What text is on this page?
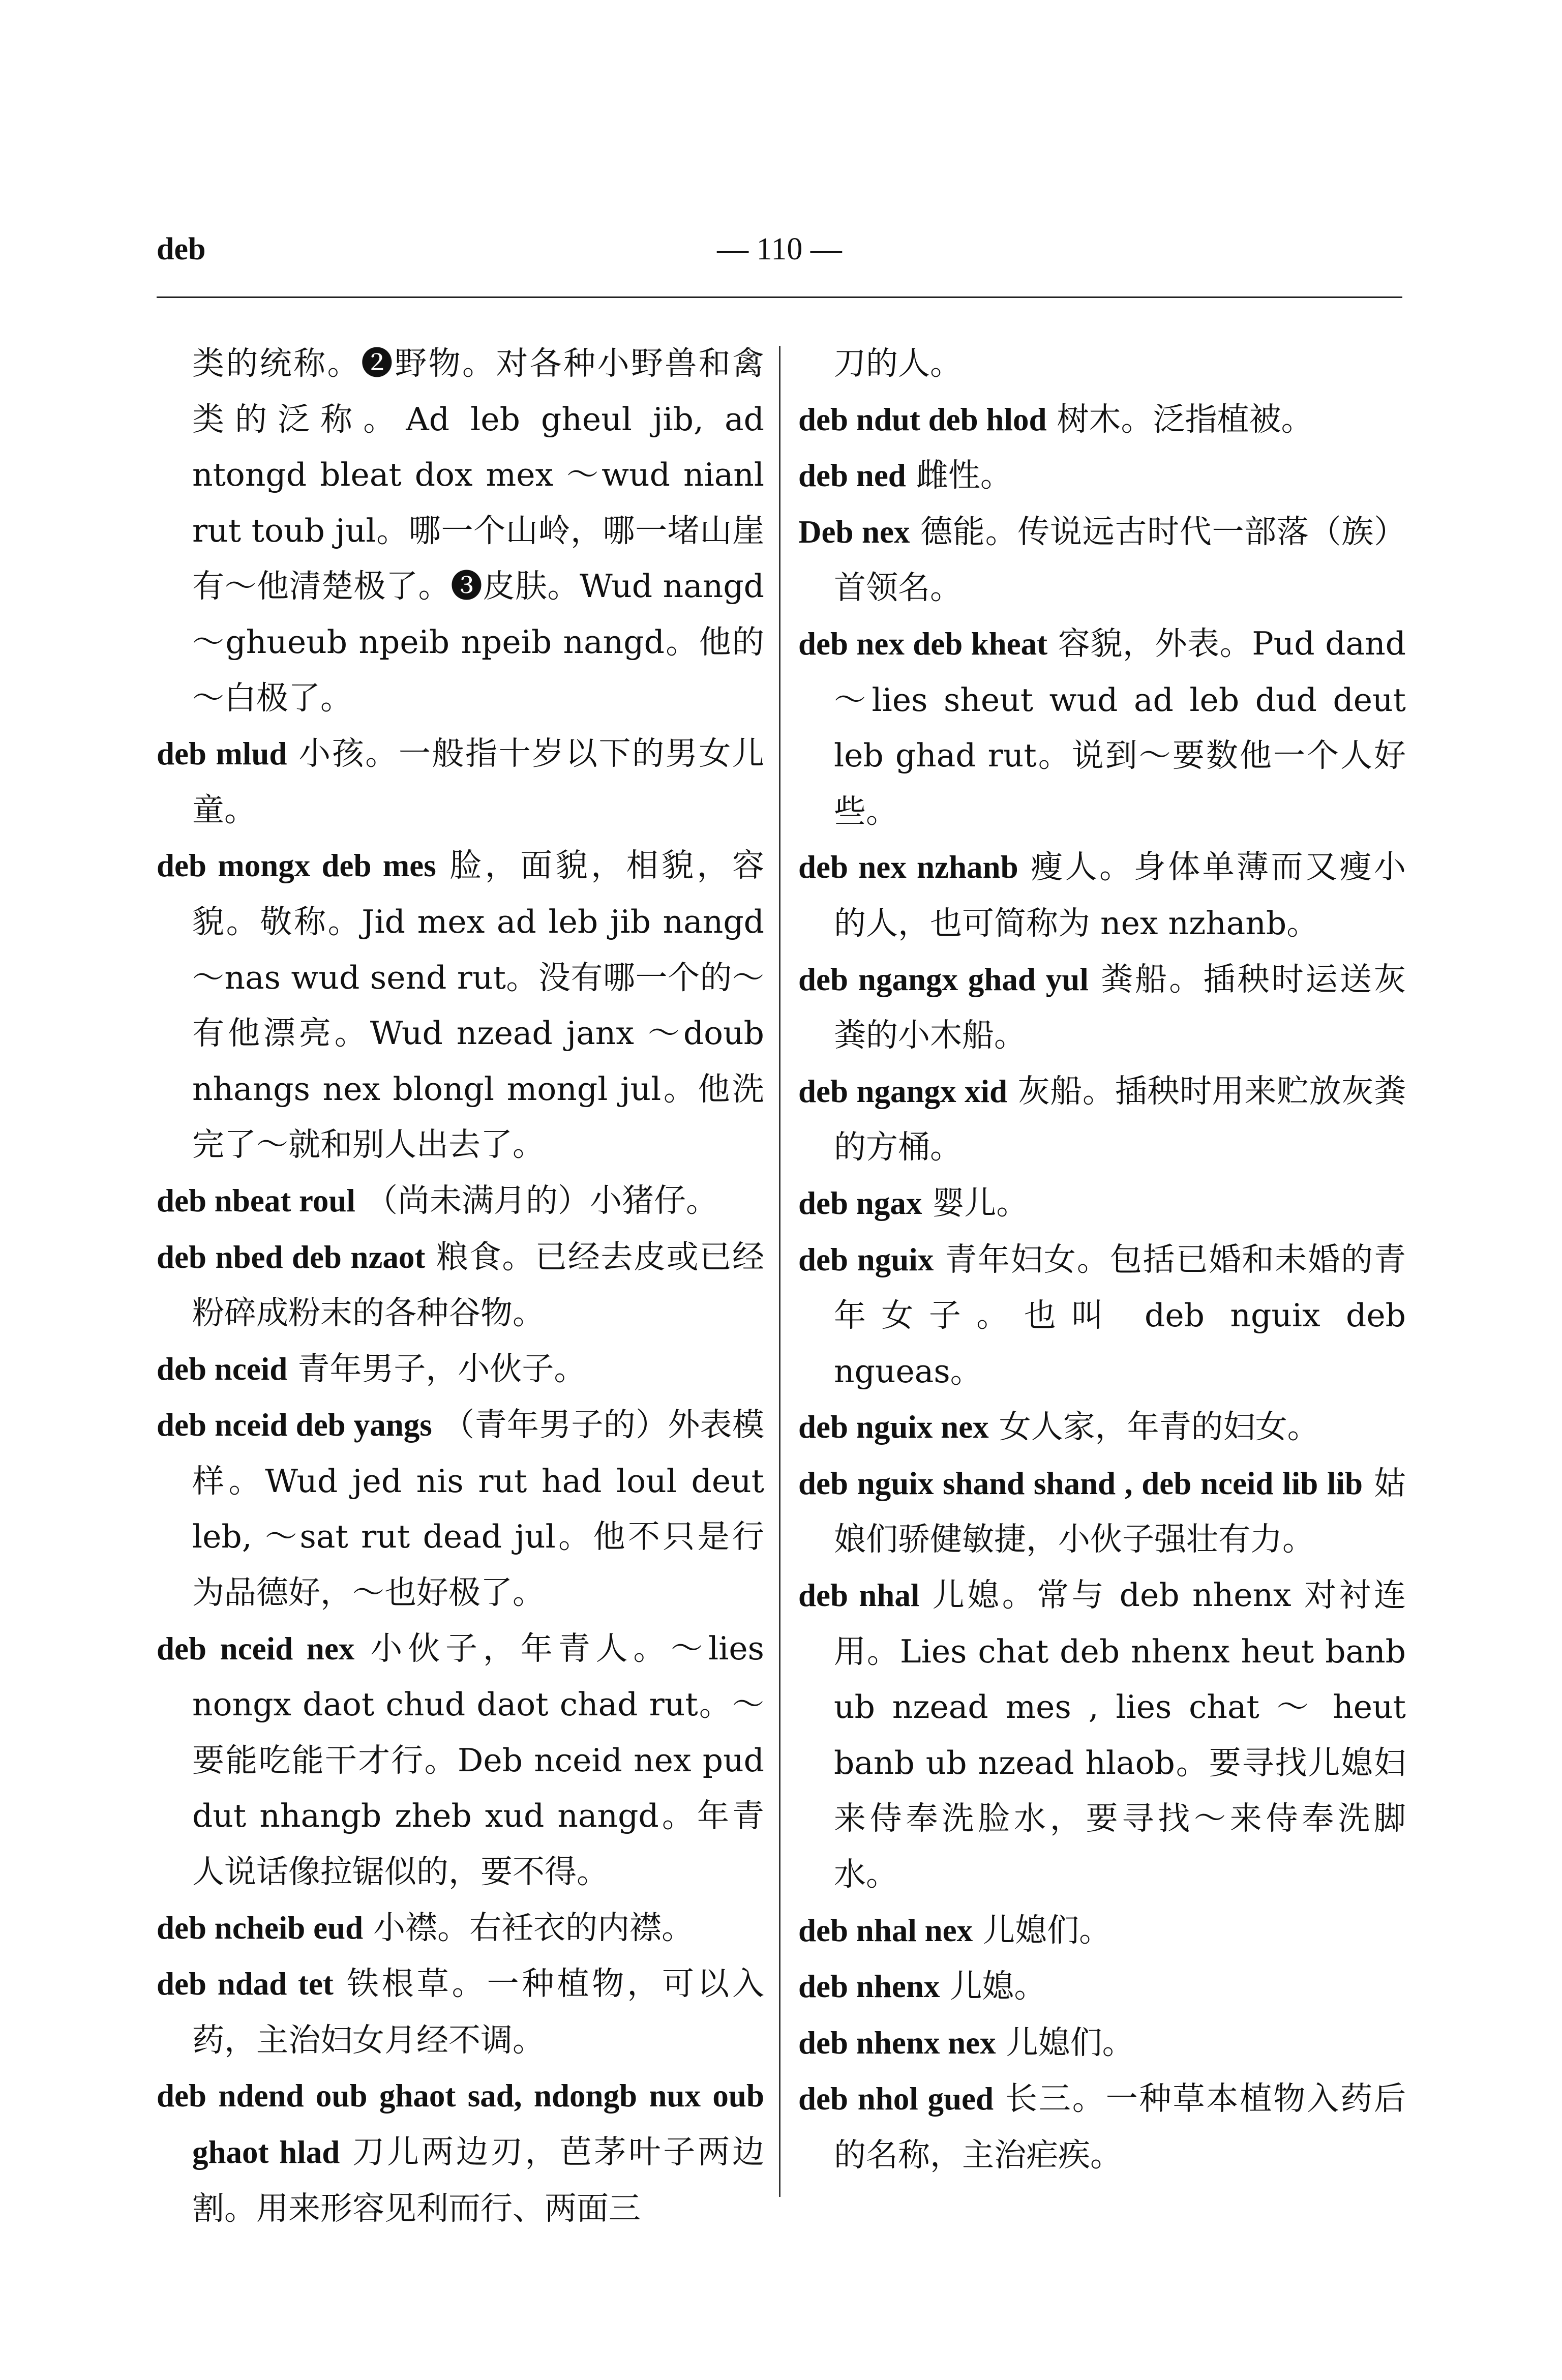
deb	— 110 —

类的统称。❷野物。对各种小野兽和禽类的泛称。Ad leb gheul jib, ad ntongd bleat dox mex ～wud nianl rut toub jul。哪一个山岭，哪一堵山崖有～他清楚极了。❸皮肤。Wud nangd～ghueub npeib npeib nangd。他的～白极了。

deb mlud 小孩。一般指十岁以下的男女儿童。

deb mongx deb mes 脸，面貌，相貌，容貌。敬称。Jid mex ad leb jib nangd ～nas wud send rut。没有哪一个的～有他漂亮。Wud nzead janx ～doub nhangs nex blongl mongl jul。他洗完了～就和别人出去了。

deb nbeat roul （尚未满月的）小猪仔。

deb nbed deb nzaot 粮食。已经去皮或已经粉碎成粉末的各种谷物。

deb nceid 青年男子，小伙子。

deb nceid deb yangs （青年男子的）外表模样。Wud jed nis rut had loul deut leb, ～sat rut dead jul。他不只是行为品德好，～也好极了。

deb nceid nex 小伙子，年青人。～lies nongx daot chud daot chad rut。～要能吃能干才行。Deb nceid nex pud dut nhangb zheb xud nangd。年青人说话像拉锯似的，要不得。

deb ncheib eud 小襟。右衽衣的内襟。

deb ndad tet 铁根草。一种植物，可以入药，主治妇女月经不调。

deb ndend oub ghaot sad, ndongb nux oub ghaot hlad 刀儿两边刃，芭茅叶子两边割。用来形容见利而行、两面三

刀的人。

deb ndut deb hlod 树木。泛指植被。

deb ned 雌性。

Deb nex 德能。传说远古时代一部落（族）首领名。

deb nex deb kheat 容貌，外表。Pud dand～lies sheut wud ad leb dud deut leb ghad rut。说到～要数他一个人好些。

deb nex nzhanb 瘦人。身体单薄而又瘦小的人，也可简称为 nex nzhanb。

deb ngangx ghad yul 粪船。插秧时运送灰粪的小木船。

deb ngangx xid 灰船。插秧时用来贮放灰粪的方桶。

deb ngax 婴儿。

deb nguix 青年妇女。包括已婚和未婚的青年女子。也叫 deb nguix deb ngueas。

deb nguix nex 女人家，年青的妇女。

deb nguix shand shand , deb nceid lib lib 姑娘们骄健敏捷，小伙子强壮有力。

deb nhal 儿媳。常与 deb nhenx 对衬连用。Lies chat deb nhenx heut banb ub nzead mes , lies chat ～ heut banb ub nzead hlaob。要寻找儿媳妇来侍奉洗脸水，要寻找～来侍奉洗脚水。

deb nhal nex 儿媳们。

deb nhenx 儿媳。

deb nhenx nex 儿媳们。

deb nhol gued 长三。一种草本植物入药后的名称，主治疟疾。
